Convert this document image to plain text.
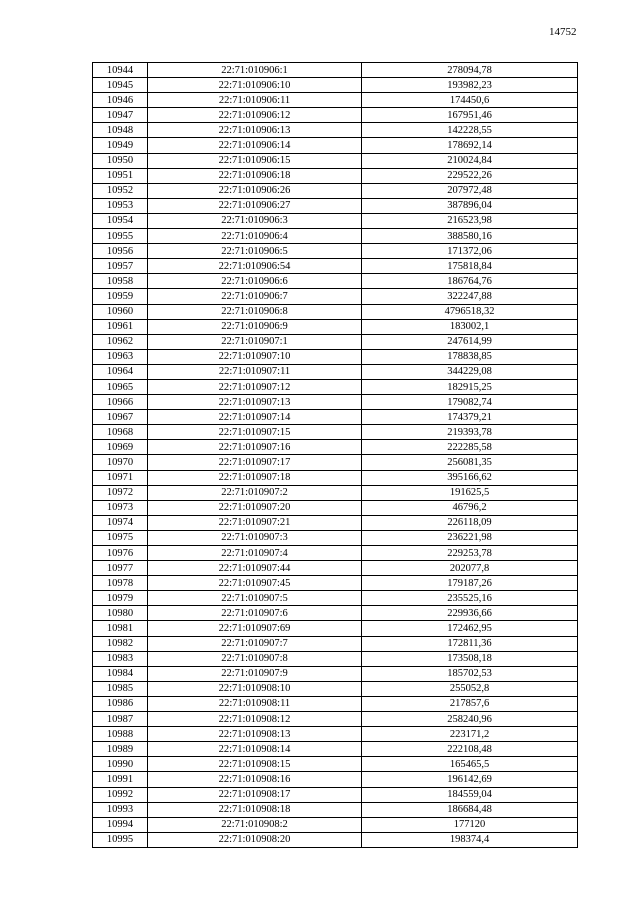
14752
10944	22:71:010906:1	278094,78
10945	22:71:010906:10	193982,23
10946	22:71:010906:11	174450,6
10947	22:71:010906:12	167951,46
10948	22:71:010906:13	142228,55
10949	22:71:010906:14	178692,14
10950	22:71:010906:15	210024,84
10951	22:71:010906:18	229522,26
10952	22:71:010906:26	207972,48
10953	22:71:010906:27	387896,04
10954	22:71:010906:3	216523,98
10955	22:71:010906:4	388580,16
10956	22:71:010906:5	171372,06
10957	22:71:010906:54	175818,84
10958	22:71:010906:6	186764,76
10959	22:71:010906:7	322247,88
10960	22:71:010906:8	4796518,32
10961	22:71:010906:9	183002,1
10962	22:71:010907:1	247614,99
10963	22:71:010907:10	178838,85
10964	22:71:010907:11	344229,08
10965	22:71:010907:12	182915,25
10966	22:71:010907:13	179082,74
10967	22:71:010907:14	174379,21
10968	22:71:010907:15	219393,78
10969	22:71:010907:16	222285,58
10970	22:71:010907:17	256081,35
10971	22:71:010907:18	395166,62
10972	22:71:010907:2	191625,5
10973	22:71:010907:20	46796,2
10974	22:71:010907:21	226118,09
10975	22:71:010907:3	236221,98
10976	22:71:010907:4	229253,78
10977	22:71:010907:44	202077,8
10978	22:71:010907:45	179187,26
10979	22:71:010907:5	235525,16
10980	22:71:010907:6	229936,66
10981	22:71:010907:69	172462,95
10982	22:71:010907:7	172811,36
10983	22:71:010907:8	173508,18
10984	22:71:010907:9	185702,53
10985	22:71:010908:10	255052,8
10986	22:71:010908:11	217857,6
10987	22:71:010908:12	258240,96
10988	22:71:010908:13	223171,2
10989	22:71:010908:14	222108,48
10990	22:71:010908:15	165465,5
10991	22:71:010908:16	196142,69
10992	22:71:010908:17	184559,04
10993	22:71:010908:18	186684,48
10994	22:71:010908:2	177120
10995	22:71:010908:20	198374,4
